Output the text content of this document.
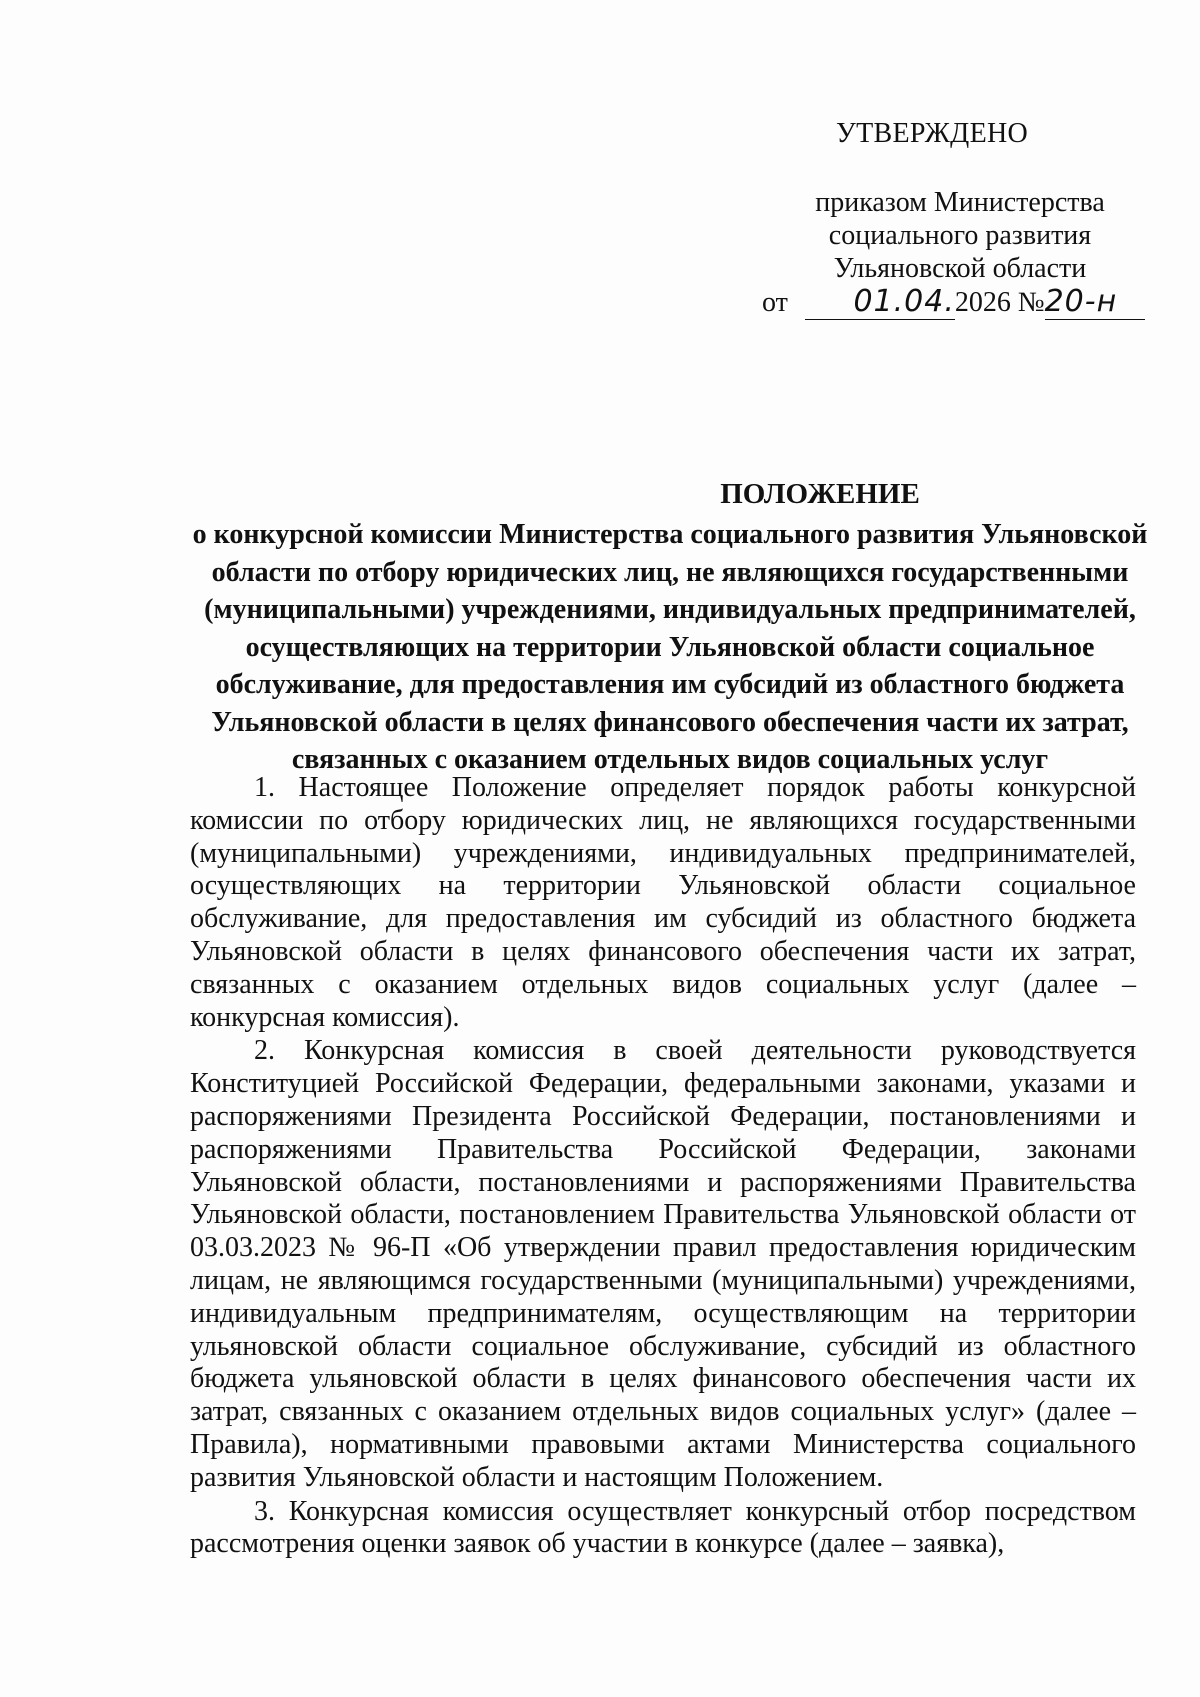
УТВЕРЖДЕНО
приказом Министерства
социального развития
Ульяновской области
от 01.04.2026 №20-н
ПОЛОЖЕНИЕ
о конкурсной комиссии Министерства социального развития Ульяновской области по отбору юридических лиц, не являющихся государственными (муниципальными) учреждениями, индивидуальных предпринимателей, осуществляющих на территории Ульяновской области социальное обслуживание, для предоставления им субсидий из областного бюджета Ульяновской области в целях финансового обеспечения части их затрат, связанных с оказанием отдельных видов социальных услуг

1. Настоящее Положение определяет порядок работы конкурсной комиссии по отбору юридических лиц, не являющихся государственными (муниципальными) учреждениями, индивидуальных предпринимателей, осуществляющих на территории Ульяновской области социальное обслуживание, для предоставления им субсидий из областного бюджета Ульяновской области в целях финансового обеспечения части их затрат, связанных с оказанием отдельных видов социальных услуг (далее – конкурсная комиссия).

2. Конкурсная комиссия в своей деятельности руководствуется Конституцией Российской Федерации, федеральными законами, указами и распоряжениями Президента Российской Федерации, постановлениями и распоряжениями Правительства Российской Федерации, законами Ульяновской области, постановлениями и распоряжениями Правительства Ульяновской области, постановлением Правительства Ульяновской области от 03.03.2023 № 96-П «Об утверждении правил предоставления юридическим лицам, не являющимся государственными (муниципальными) учреждениями, индивидуальным предпринимателям, осуществляющим на территории ульяновской области социальное обслуживание, субсидий из областного бюджета ульяновской области в целях финансового обеспечения части их затрат, связанных с оказанием отдельных видов социальных услуг» (далее – Правила), нормативными правовыми актами Министерства социального развития Ульяновской области и настоящим Положением.

3. Конкурсная комиссия осуществляет конкурсный отбор посредством рассмотрения оценки заявок об участии в конкурсе (далее – заявка),
